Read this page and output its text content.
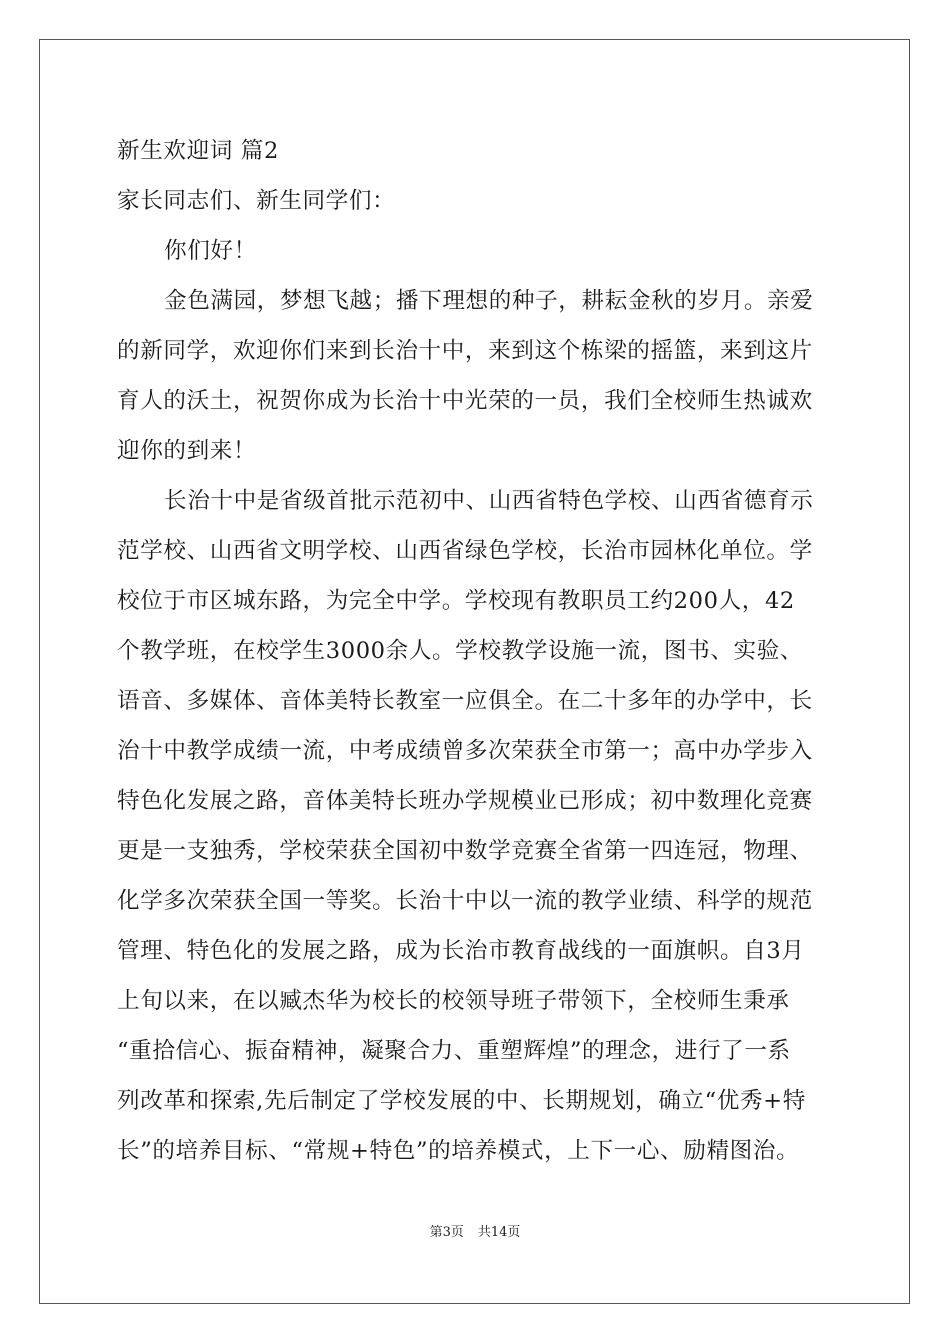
新生欢迎词 篇2
家长同志们、新生同学们：
你们好！
金色满园，梦想飞越；播下理想的种子，耕耘金秋的岁月。亲爱
的新同学，欢迎你们来到长治十中，来到这个栋梁的摇篮，来到这片
育人的沃土，祝贺你成为长治十中光荣的一员，我们全校师生热诚欢
迎你的到来！
长治十中是省级首批示范初中、山西省特色学校、山西省德育示
范学校、山西省文明学校、山西省绿色学校，长治市园林化单位。学
校位于市区城东路，为完全中学。学校现有教职员工约200人，42
个教学班，在校学生3000余人。学校教学设施一流，图书、实验、
语音、多媒体、音体美特长教室一应俱全。在二十多年的办学中，长
治十中教学成绩一流，中考成绩曾多次荣获全市第一；高中办学步入
特色化发展之路，音体美特长班办学规模业已形成；初中数理化竞赛
更是一支独秀，学校荣获全国初中数学竞赛全省第一四连冠，物理、
化学多次荣获全国一等奖。长治十中以一流的教学业绩、科学的规范
管理、特色化的发展之路，成为长治市教育战线的一面旗帜。自3月
上旬以来，在以臧杰华为校长的校领导班子带领下，全校师生秉承
“重拾信心、振奋精神，凝聚合力、重塑辉煌”的理念，进行了一系
列改革和探索,先后制定了学校发展的中、长期规划，确立“优秀+特
长”的培养目标、“常规+特色”的培养模式，上下一心、励精图治。
第3页 共14页
